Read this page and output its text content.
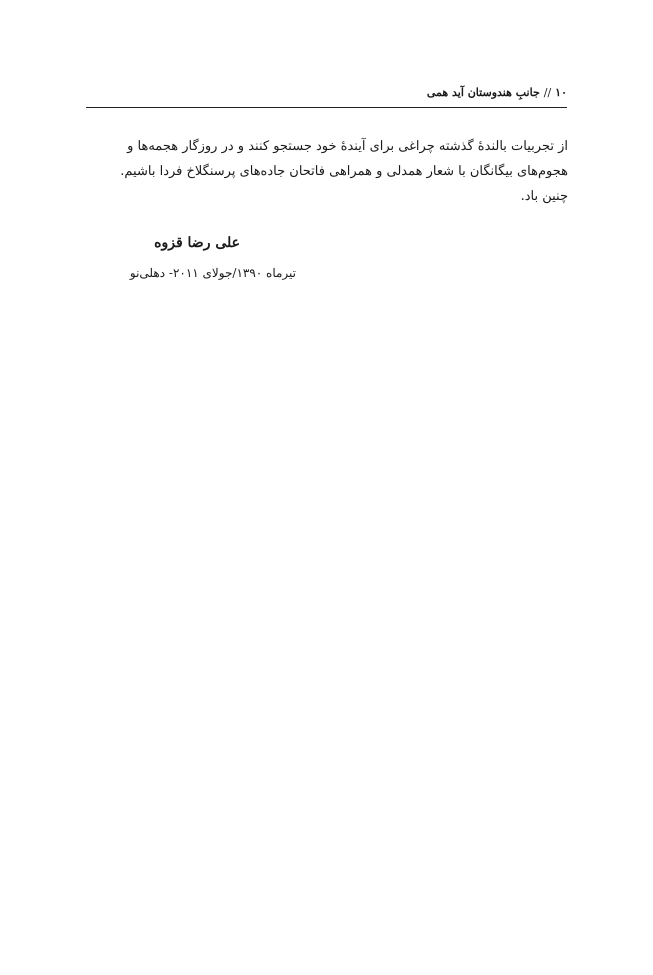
۱۰//جانبِ هندوستان آید همی
از تجربیات بالندهٔ گذشته چراغی برای آیندهٔ خود جستجو کنند و در روزگار هجمه‌ها و
هجوم‌های بیگانگان با شعار همدلی و همراهی فاتحان جاده‌های پرسنگلاخ فردا باشیم.
چنین باد.
علی رضا قزوه
تیرماه ۱۳۹۰/جولای ۲۰۱۱- دهلی‌نو
